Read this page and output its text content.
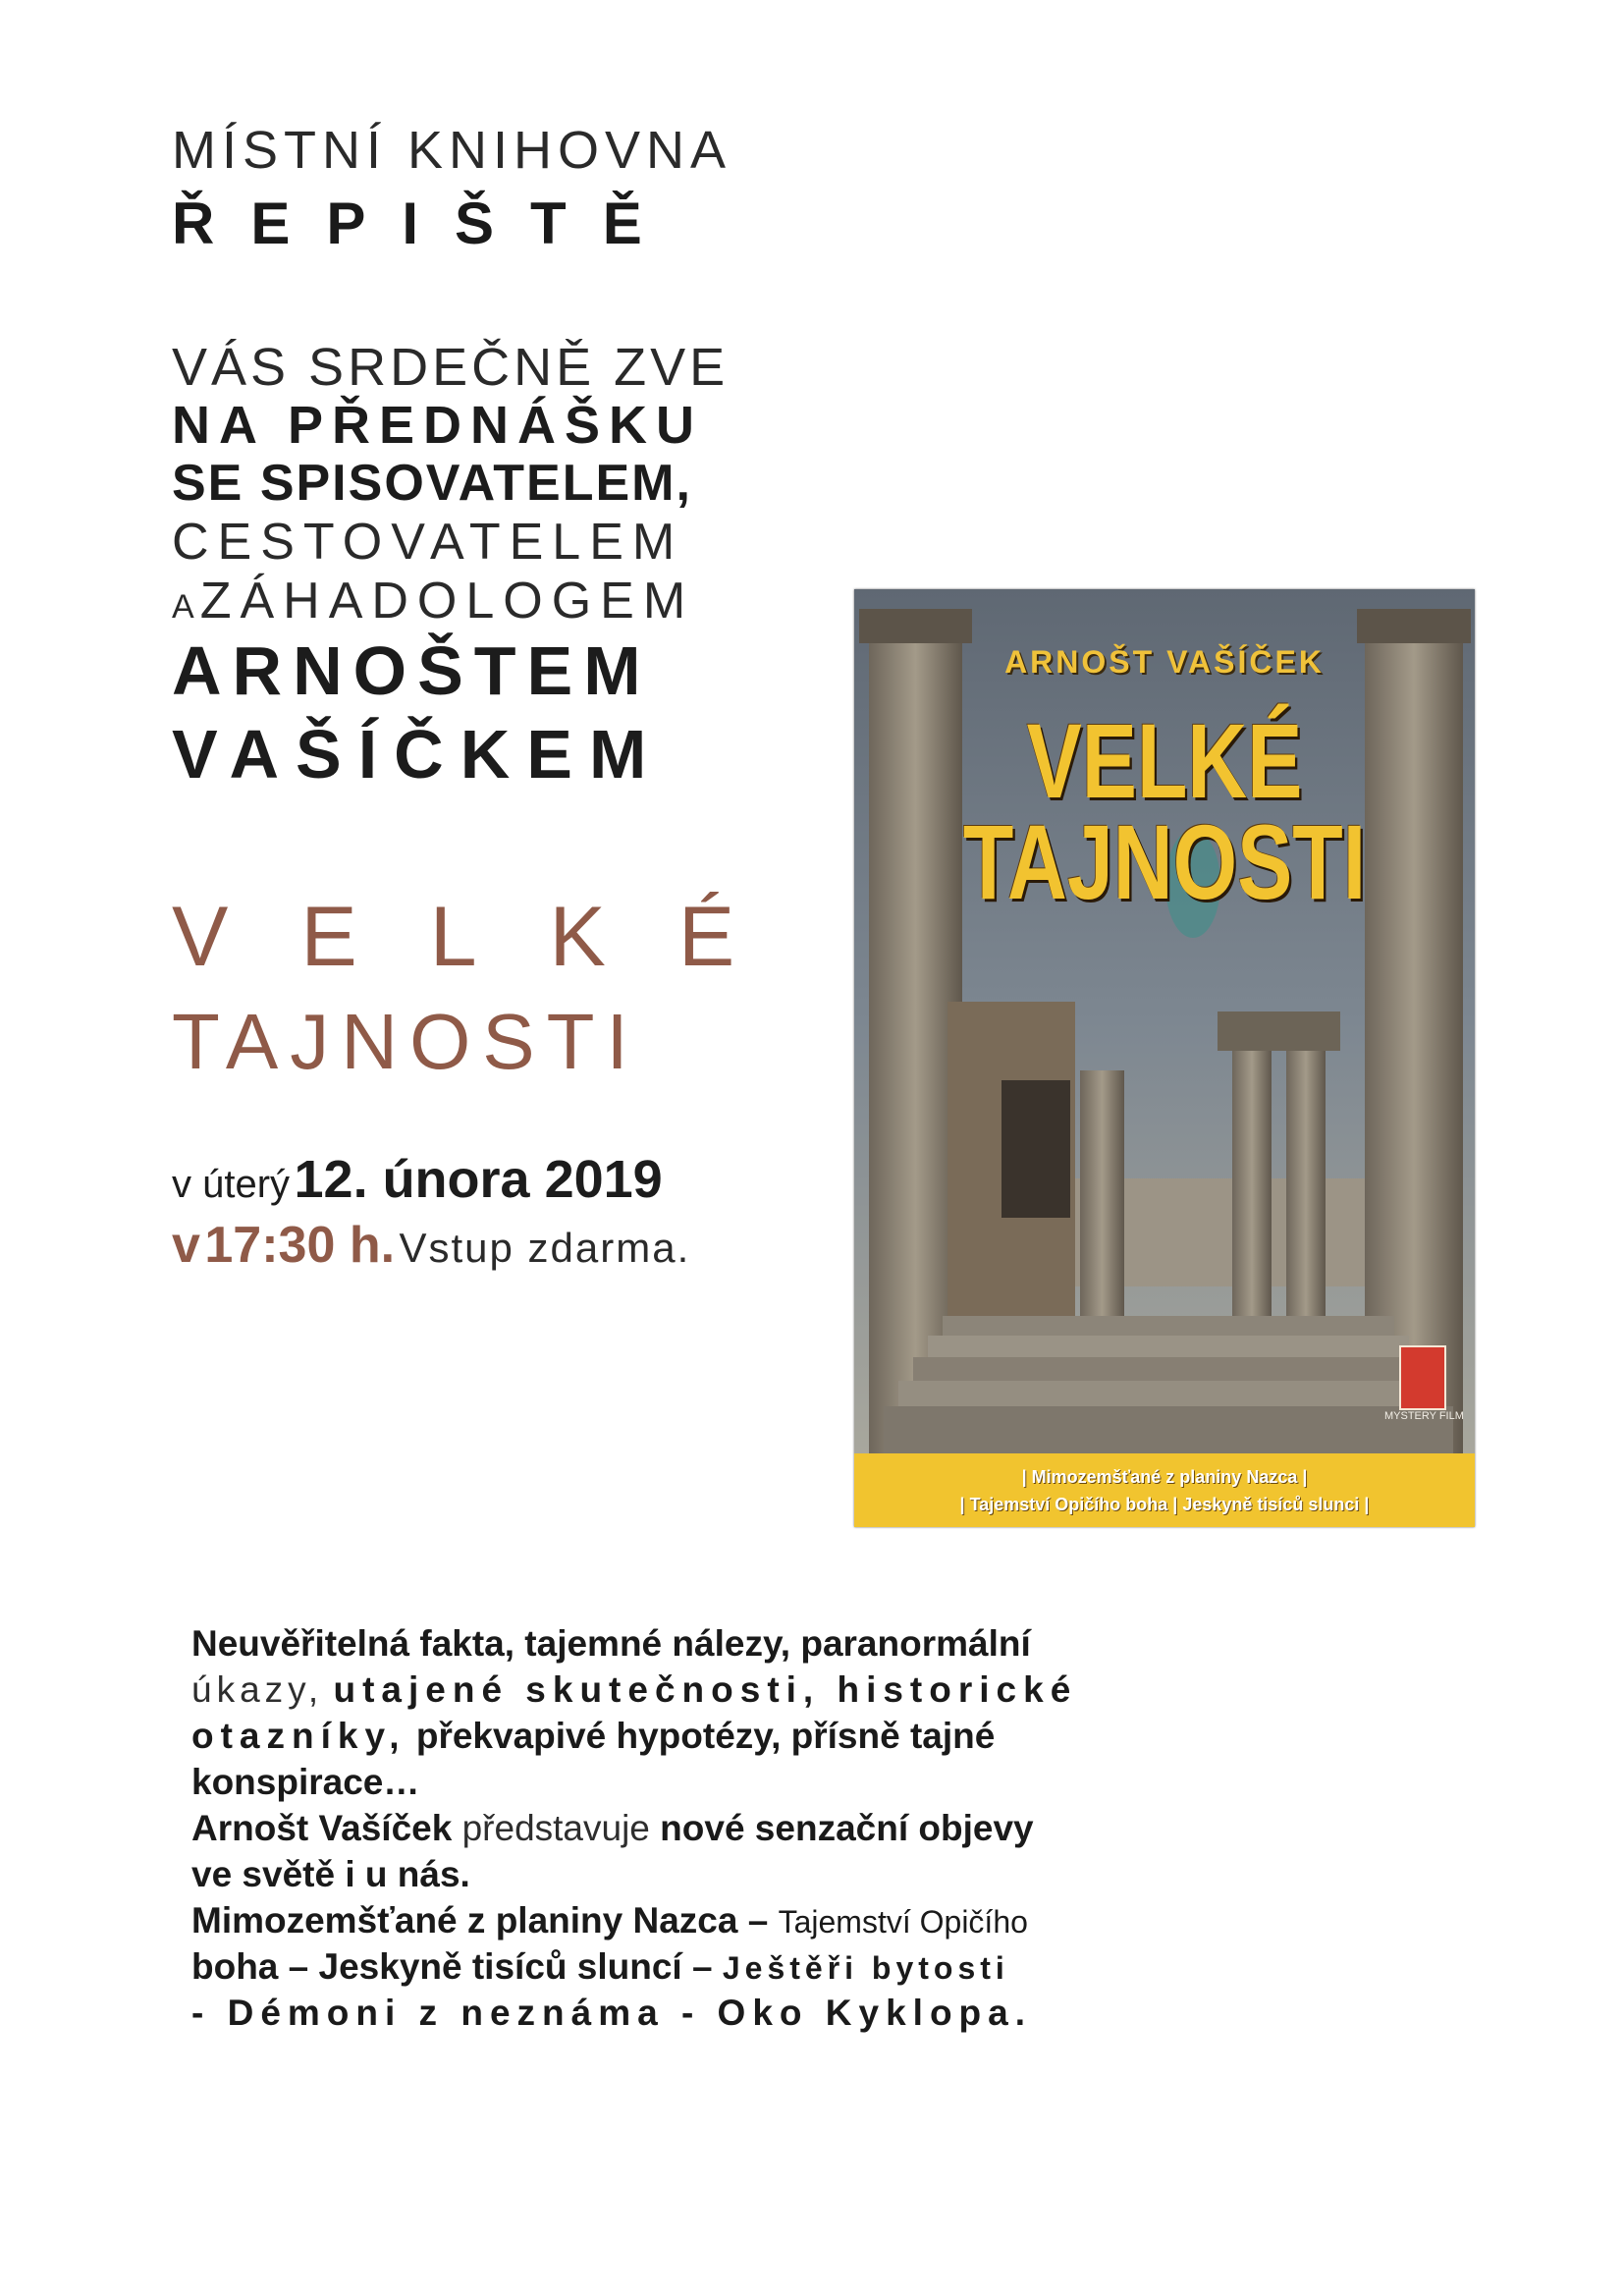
MÍSTNÍ KNIHOVNA
ŘEPIŠTĚ
VÁS SRDEČNĚ ZVE
NA PŘEDNÁŠKU
SE SPISOVATELEM,
CESTOVATELEM
AZÁHADOLOGEM
ARNOŠTEM
VAŠÍČKEM
VELKÉ
TAJNOSTI
v úterý 12. února 2019
v 17:30 h. Vstup zdarma.
ARNOŠT VAŠÍČEK
VELKÉ
TAJNOSTI
MYSTERY FILM
| Mimozemšťané z planiny Nazca |
| Tajemství Opičího boha | Jeskyně tisíců slunci |
Neuvěřitelná fakta, tajemné nálezy, paranormální
úkazy, utajené skutečnosti, historické
otazníky, překvapivé hypotézy, přísně tajné
konspirace…
Arnošt Vašíček představuje nové senzační objevy
ve světě i u nás.
Mimozemšťané z planiny Nazca – Tajemství Opičího
boha – Jeskyně tisíců sluncí – Ještěři bytosti
- Démoni z neznáma - Oko Kyklopa.
